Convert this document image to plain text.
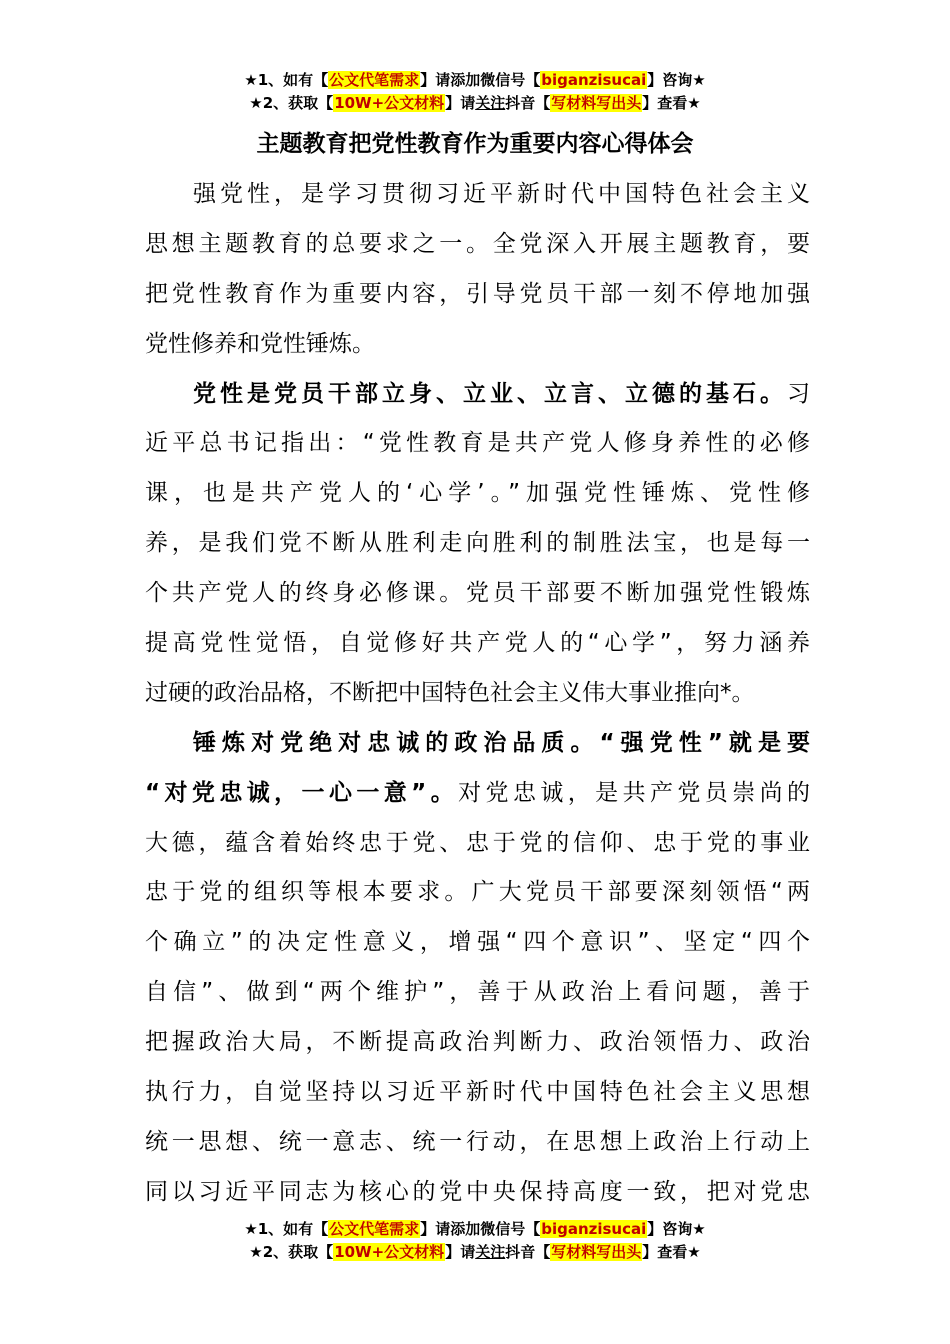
★1、如有【公文代笔需求】请添加微信号【biganzisucai】咨询★
★2、获取【10W+公文材料】请关注抖音【写材料写出头】查看★
主题教育把党性教育作为重要内容心得体会
强党性，是学习贯彻习近平新时代中国特色社会主义
思想主题教育的总要求之一。全党深入开展主题教育，要
把党性教育作为重要内容，引导党员干部一刻不停地加强
党性修养和党性锤炼。
党性是党员干部立身、立业、立言、立德的基石。习
近平总书记指出：“党性教育是共产党人修身养性的必修
课，也是共产党人的‘心学’。”加强党性锤炼、党性修
养，是我们党不断从胜利走向胜利的制胜法宝，也是每一
个共产党人的终身必修课。党员干部要不断加强党性锻炼
提高党性觉悟，自觉修好共产党人的“心学”，努力涵养
过硬的政治品格，不断把中国特色社会主义伟大事业推向*。
锤炼对党绝对忠诚的政治品质。“强党性”就是要
“对党忠诚，一心一意”。对党忠诚，是共产党员崇尚的
大德，蕴含着始终忠于党、忠于党的信仰、忠于党的事业
忠于党的组织等根本要求。广大党员干部要深刻领悟“两
个确立”的决定性意义，增强“四个意识”、坚定“四个
自信”、做到“两个维护”，善于从政治上看问题，善于
把握政治大局，不断提高政治判断力、政治领悟力、政治
执行力，自觉坚持以习近平新时代中国特色社会主义思想
统一思想、统一意志、统一行动，在思想上政治上行动上
同以习近平同志为核心的党中央保持高度一致，把对党忠
★1、如有【公文代笔需求】请添加微信号【biganzisucai】咨询★
★2、获取【10W+公文材料】请关注抖音【写材料写出头】查看★
